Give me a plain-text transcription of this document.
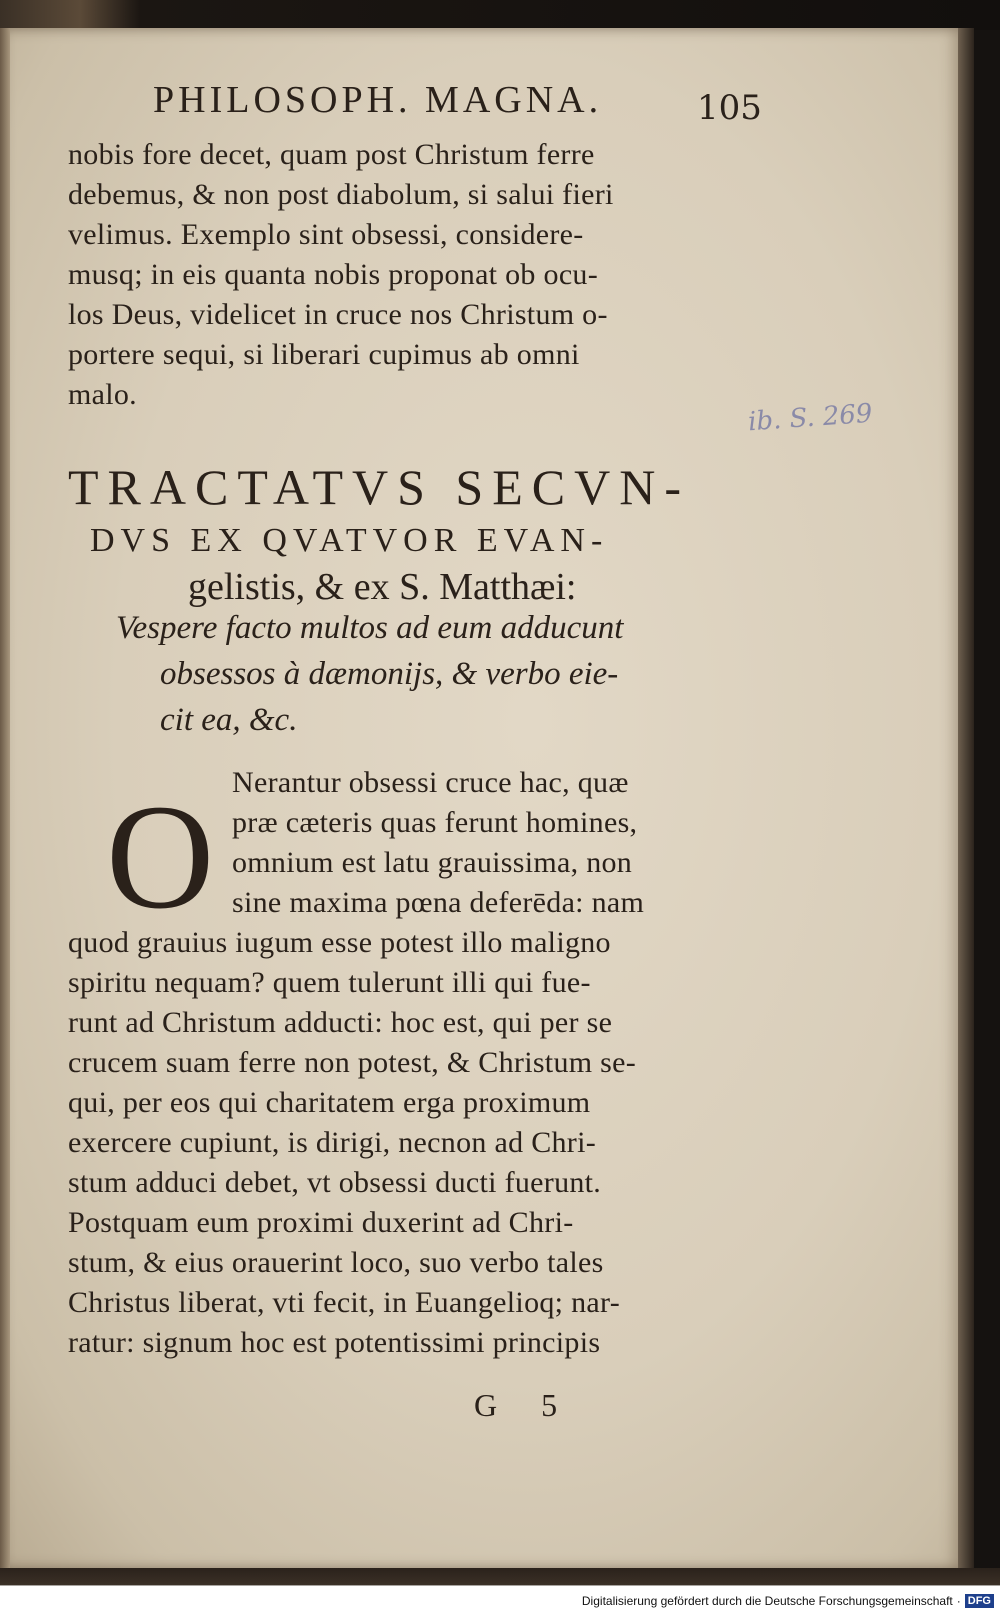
PHILOSOPH. MAGNA.	105
nobis fore decet, quam post Christum ferre
debemus, & non post diabolum, si salui fieri
velimus. Exemplo sint obsessi, considere-
musq; in eis quanta nobis proponat ob ocu-
los Deus, videlicet in cruce nos Christum o-
portere sequi, si liberari cupimus ab omni
malo.
ib. S. 269
TRACTATVS SECVN-
DVS EX QVATVOR EVAN-
gelistis, & ex S. Matthæi:
Vespere facto multos ad eum adducunt
obsessos à dæmonijs, & verbo eie-
cit ea, &c.
O Nerantur obsessi cruce hac, quæ
præ cæteris quas ferunt homines,
omnium est latu grauissima, non
sine maxima pœna deferēda: nam
quod grauius iugum esse potest illo maligno
spiritu nequam? quem tulerunt illi qui fue-
runt ad Christum adducti: hoc est, qui per se
crucem suam ferre non potest, & Christum se-
qui, per eos qui charitatem erga proximum
exercere cupiunt, is dirigi, necnon ad Chri-
stum adduci debet, vt obsessi ducti fuerunt.
Postquam eum proximi duxerint ad Chri-
stum, & eius orauerint loco, suo verbo tales
Christus liberat, vti fecit, in Euangelioq; nar-
ratur: signum hoc est potentissimi principis
G 5
Digitalisierung gefördert durch die Deutsche Forschungsgemeinschaft · DFG
